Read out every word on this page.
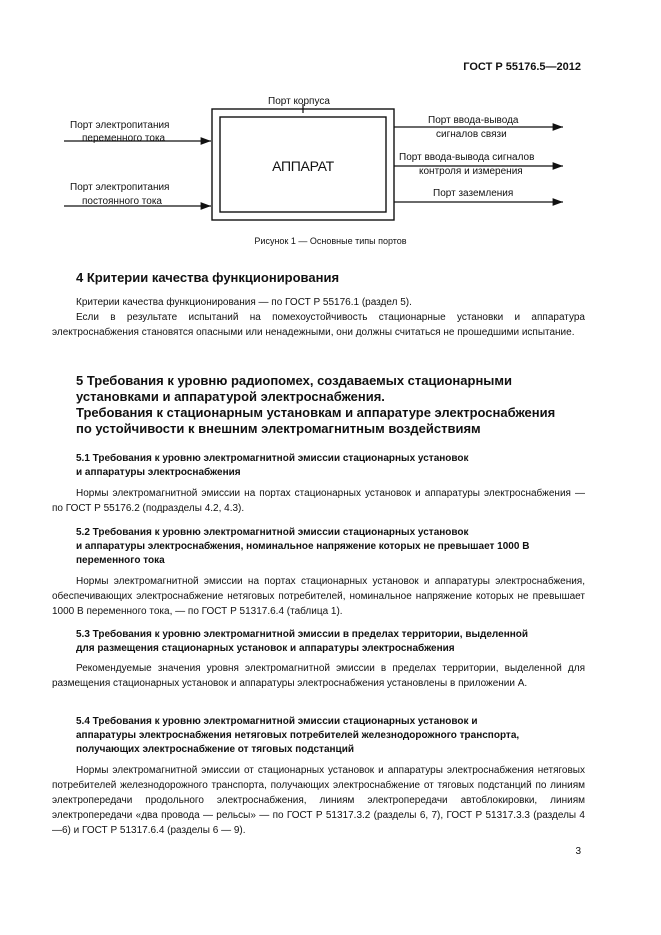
ГОСТ Р 55176.5—2012
Порт корпуса
АППАРАТ
Порт электропитания
переменного тока
Порт электропитания
постоянного тока
Порт ввода-вывода
сигналов связи
Порт ввода-вывода сигналов
контроля и измерения
Порт заземления
Рисунок 1 — Основные типы портов
4 Критерии качества функционирования
Критерии качества функционирования — по ГОСТ Р 55176.1 (раздел 5).
Если в результате испытаний на помехоустойчивость стационарные установки и аппаратура электроснабжения становятся опасными или ненадежными, они должны считаться не прошедшими испытание.
5 Требования к уровню радиопомех, создаваемых стационарными
установками и аппаратурой электроснабжения.
Требования к стационарным установкам и аппаратуре электроснабжения
по устойчивости к внешним электромагнитным воздействиям
5.1 Требования к уровню электромагнитной эмиссии стационарных установок
и аппаратуры электроснабжения
Нормы электромагнитной эмиссии на портах стационарных установок и аппаратуры электроснабжения — по ГОСТ Р 55176.2 (подразделы 4.2, 4.3).
5.2 Требования к уровню электромагнитной эмиссии стационарных установок
и аппаратуры электроснабжения, номинальное напряжение которых не превышает 1000 В
переменного тока
Нормы электромагнитной эмиссии на портах стационарных установок и аппаратуры электроснабжения, обеспечивающих электроснабжение нетяговых потребителей, номинальное напряжение которых не превышает 1000 В переменного тока, — по ГОСТ Р 51317.6.4 (таблица 1).
5.3 Требования к уровню электромагнитной эмиссии в пределах территории, выделенной
для размещения стационарных установок и аппаратуры электроснабжения
Рекомендуемые значения уровня электромагнитной эмиссии в пределах территории, выделенной для размещения стационарных установок и аппаратуры электроснабжения установлены в приложении А.
5.4 Требования к уровню электромагнитной эмиссии стационарных установок и
аппаратуры электроснабжения нетяговых потребителей железнодорожного транспорта,
получающих электроснабжение от тяговых подстанций
Нормы электромагнитной эмиссии от стационарных установок и аппаратуры электроснабжения нетяговых потребителей железнодорожного транспорта, получающих электроснабжение от тяговых подстанций по линиям электропередачи продольного электроснабжения, линиям электропередачи автоблокировки, линиям электропередачи «два провода — рельсы» — по ГОСТ Р 51317.3.2 (разделы 6, 7), ГОСТ Р 51317.3.3 (разделы 4—6) и ГОСТ Р 51317.6.4 (разделы 6 — 9).
3
